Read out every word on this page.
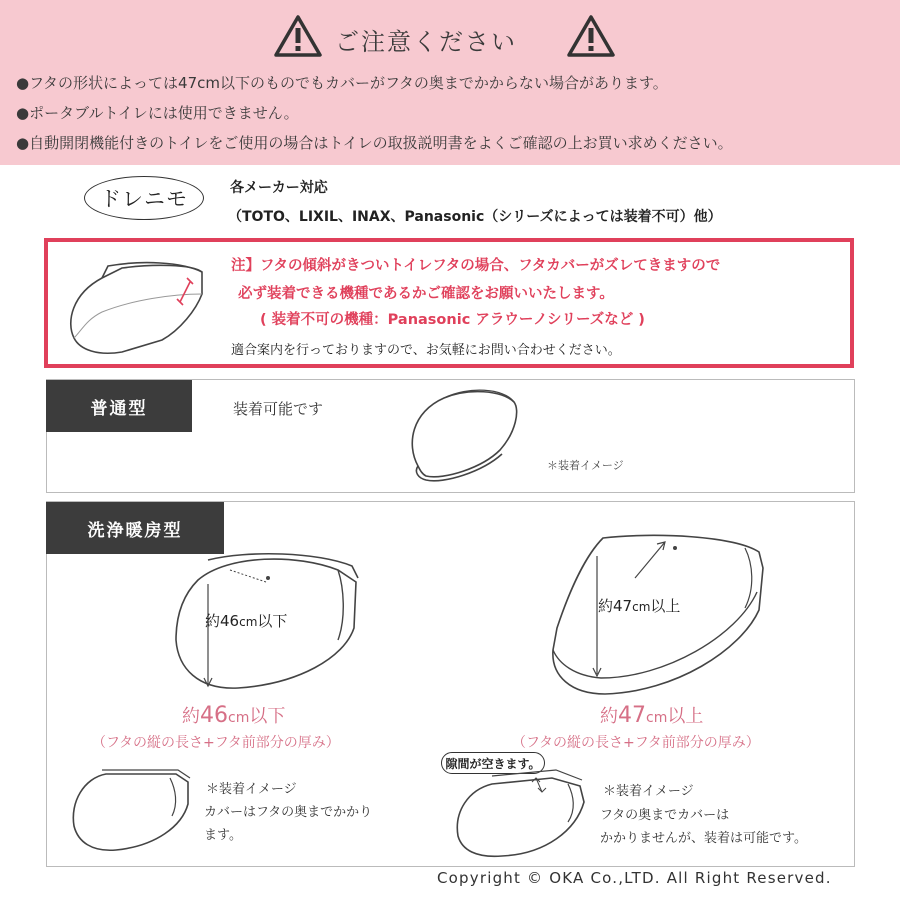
ご注意ください
●フタの形状によっては47cm以下のものでもカバーがフタの奥までかからない場合があります。
●ポータブルトイレには使用できません。
●自動開閉機能付きのトイレをご使用の場合はトイレの取扱説明書をよくご確認の上お買い求めください。
ドレニモ	各メーカー対応
（TOTO、LIXIL、INAX、Panasonic（シリーズによっては装着不可）他）
注】フタの傾斜がきついトイレフタの場合、フタカバーがズレてきますので
必ず装着できる機種であるかご確認をお願いいたします。
( 装着不可の機種：Panasonic アラウーノシリーズなど )
適合案内を行っておりますので、お気軽にお問い合わせください。
普通型	装着可能です
＊装着イメージ
洗浄暖房型
約46cm以下
約47cm以上
約46cm以下
（フタの縦の長さ+フタ前部分の厚み）
約47cm以上
（フタの縦の長さ+フタ前部分の厚み）
＊装着イメージ
カバーはフタの奥までかかり
ます。
隙間が空きます。
＊装着イメージ
フタの奥までカバーは
かかりませんが、装着は可能です。
Copyright © OKA Co.,LTD. All Right Reserved.
